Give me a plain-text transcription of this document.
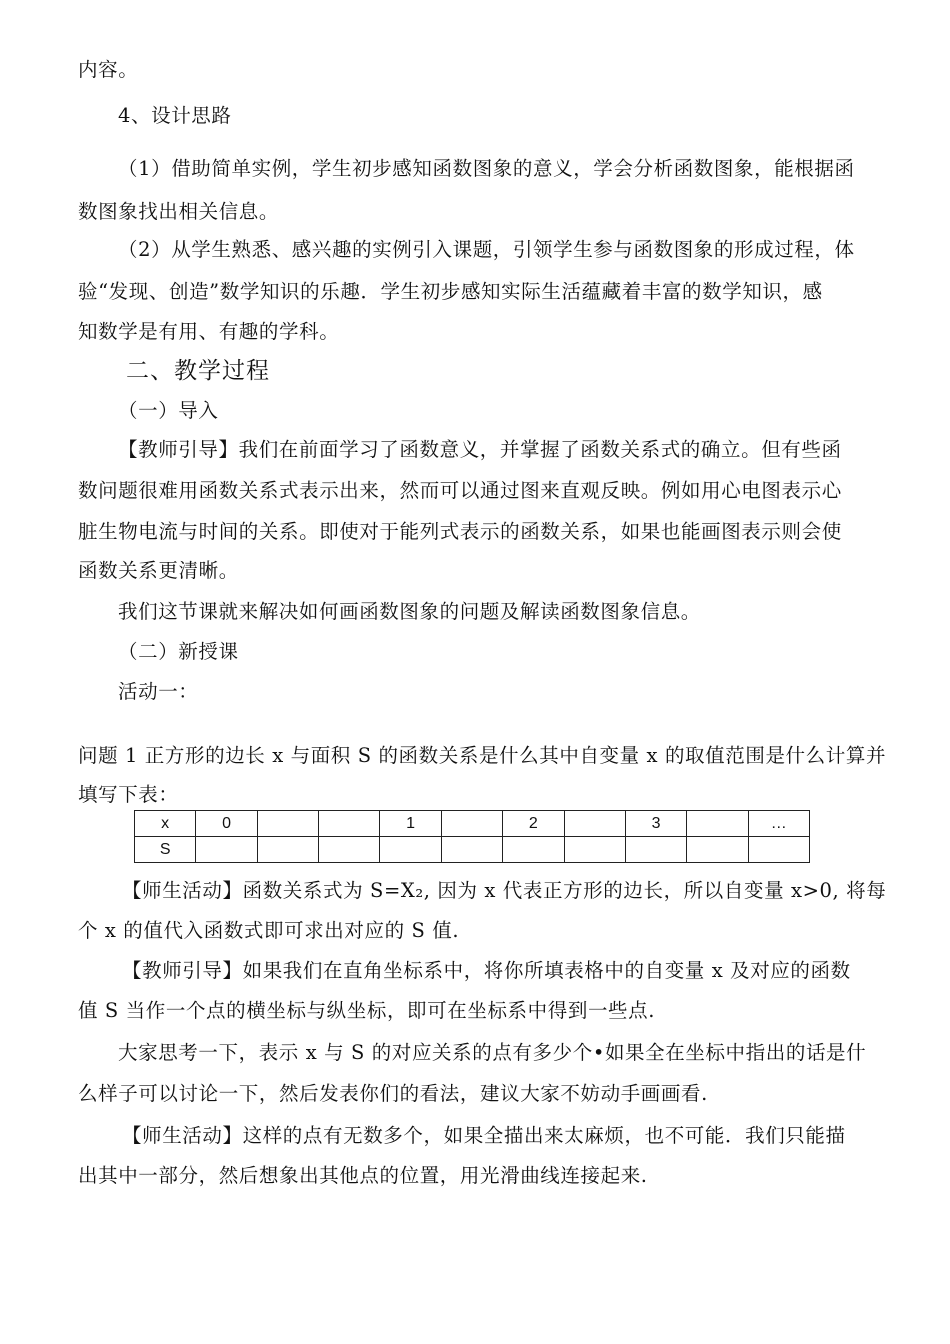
内容。
4、设计思路
（1）借助简单实例，学生初步感知函数图象的意义，学会分析函数图象，能根据函
数图象找出相关信息。
（2）从学生熟悉、感兴趣的实例引入课题，引领学生参与函数图象的形成过程，体
验“发现、创造”数学知识的乐趣．学生初步感知实际生活蕴藏着丰富的数学知识，感
知数学是有用、有趣的学科。
二、教学过程
（一）导入
【教师引导】我们在前面学习了函数意义，并掌握了函数关系式的确立。但有些函
数问题很难用函数关系式表示出来，然而可以通过图来直观反映。例如用心电图表示心
脏生物电流与时间的关系。即使对于能列式表示的函数关系，如果也能画图表示则会使
函数关系更清晰。
我们这节课就来解决如何画函数图象的问题及解读函数图象信息。
（二）新授课
活动一：
问题 1 正方形的边长 x 与面积 S 的函数关系是什么其中自变量 x 的取值范围是什么计算并
填写下表：
x	0			1		2		3		…
S										
【师生活动】函数关系式为 S=X₂, 因为 x 代表正方形的边长，所以自变量 x>0, 将每
个 x 的值代入函数式即可求出对应的 S 值.
【教师引导】如果我们在直角坐标系中，将你所填表格中的自变量 x 及对应的函数
值 S 当作一个点的横坐标与纵坐标，即可在坐标系中得到一些点.
大家思考一下，表示 x 与 S 的对应关系的点有多少个•如果全在坐标中指出的话是什
么样子可以讨论一下，然后发表你们的看法，建议大家不妨动手画画看.
【师生活动】这样的点有无数多个，如果全描出来太麻烦，也不可能．我们只能描
出其中一部分，然后想象出其他点的位置，用光滑曲线连接起来.
